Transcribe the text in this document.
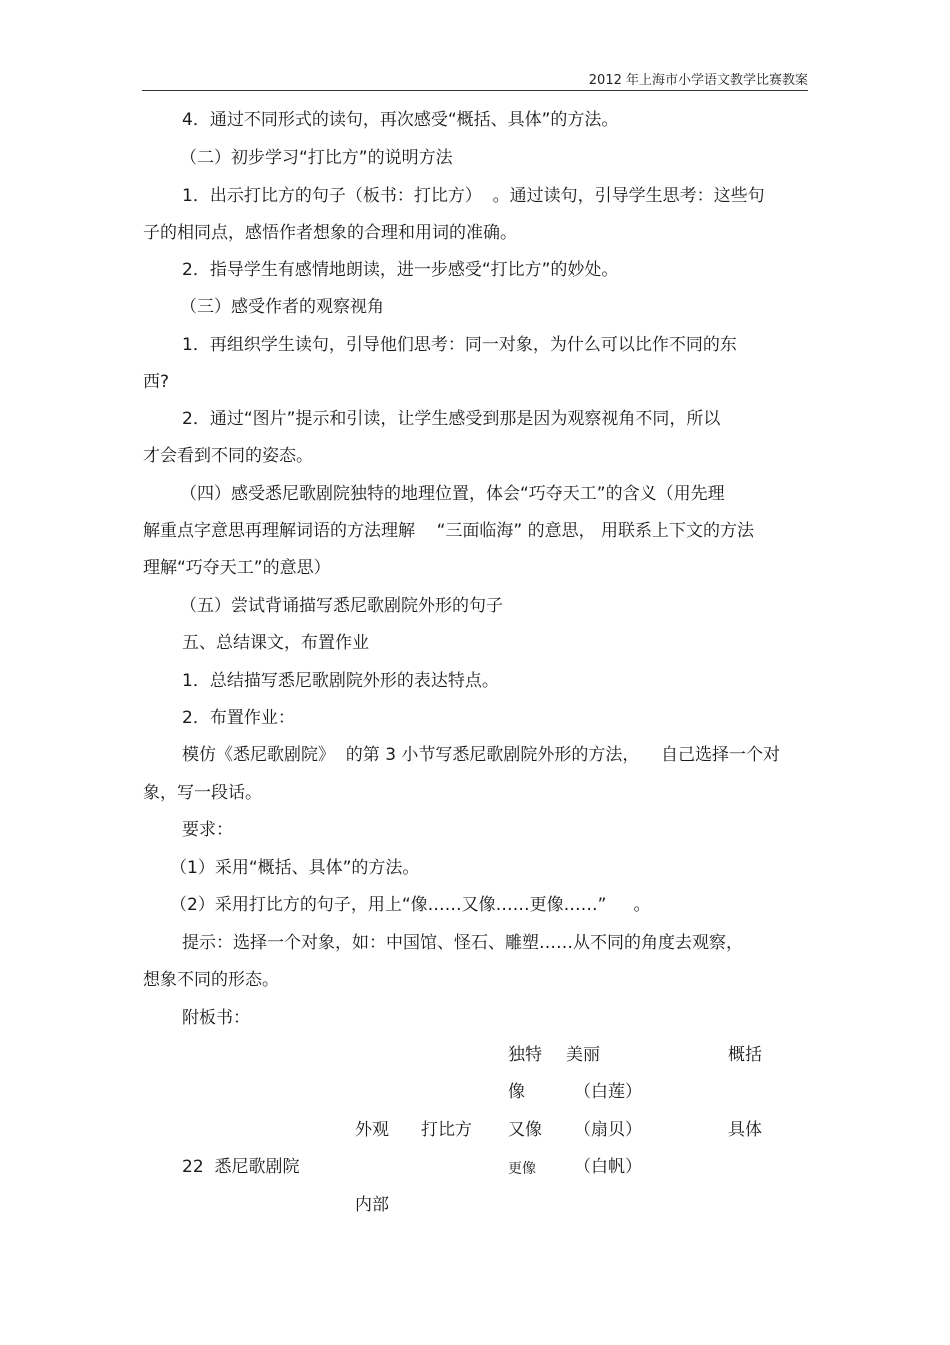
2012 年上海市小学语文教学比赛教案
4．通过不同形式的读句，再次感受“概括、具体”的方法。
（二）初步学习“打比方”的说明方法
1．出示打比方的句子（板书：打比方）  。通过读句，引导学生思考：这些句
子的相同点，感悟作者想象的合理和用词的准确。
2．指导学生有感情地朗读，进一步感受“打比方”的妙处。
（三）感受作者的观察视角
1．再组织学生读句，引导他们思考：同一对象，为什么可以比作不同的东
西?
2．通过“图片”提示和引读，让学生感受到那是因为观察视角不同，所以
才会看到不同的姿态。
（四）感受悉尼歌剧院独特的地理位置，体会“巧夺天工”的含义（用先理
解重点字意思再理解词语的方法理解    “三面临海” 的意思， 用联系上下文的方法
理解“巧夺天工”的意思）
（五）尝试背诵描写悉尼歌剧院外形的句子
五、总结课文，布置作业
1．总结描写悉尼歌剧院外形的表达特点。
2．布置作业：
模仿《悉尼歌剧院》  的第 3 小节写悉尼歌剧院外形的方法，    自己选择一个对
象，写一段话。
要求：
（1）采用“概括、具体”的方法。
（2）采用打比方的句子，用上“像……又像……更像……”     。
提示：选择一个对象，如：中国馆、怪石、雕塑……从不同的角度去观察，
想象不同的形态。
附板书：
独特 美丽	概括
像	（白莲）
外观 打比方 又像 （扇贝）	具体
22  悉尼歌剧院	更像 （白帆）
内部
